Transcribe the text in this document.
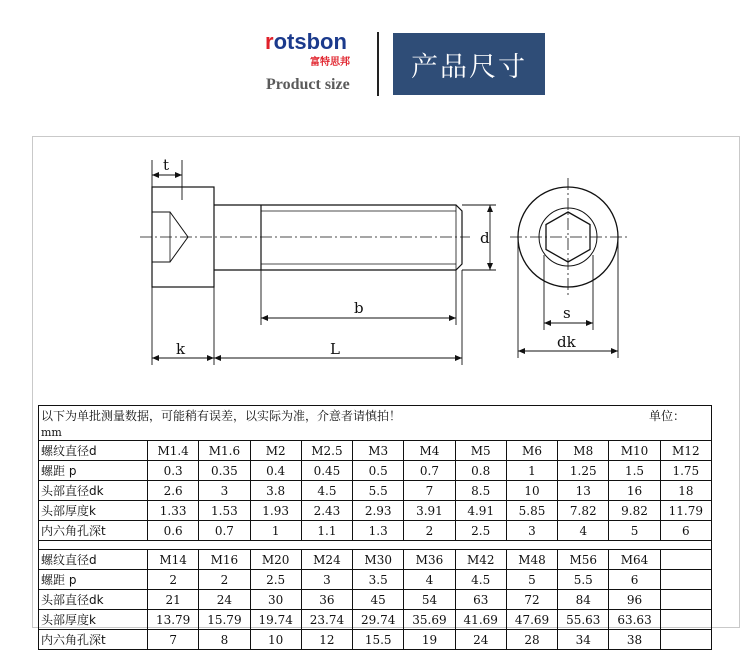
rotsbon
富特思邦
Product size
产品尺寸
t
d
b
k	L
s
dk
以下为单批测量数据，可能稍有误差，以实际为准，介意者请慎拍！ 单位：											

mm											
螺纹直径d	M1.4	M1.6	M2	M2.5	M3	M4	M5	M6	M8	M10	M12
螺距 p	0.3	0.35	0.4	0.45	0.5	0.7	0.8	1	1.25	1.5	1.75
头部直径dk	2.6	3	3.8	4.5	5.5	7	8.5	10	13	16	18
头部厚度k	1.33	1.53	1.93	2.43	2.93	3.91	4.91	5.85	7.82	9.82	11.79
内六角孔深t	0.6	0.7	1	1.1	1.3	2	2.5	3	4	5	6

螺纹直径d	M14	M16	M20	M24	M30	M36	M42	M48	M56	M64	
螺距 p	2	2	2.5	3	3.5	4	4.5	5	5.5	6	
头部直径dk	21	24	30	36	45	54	63	72	84	96	
头部厚度k	13.79	15.79	19.74	23.74	29.74	35.69	41.69	47.69	55.63	63.63	
内六角孔深t	7	8	10	12	15.5	19	24	28	34	38	
